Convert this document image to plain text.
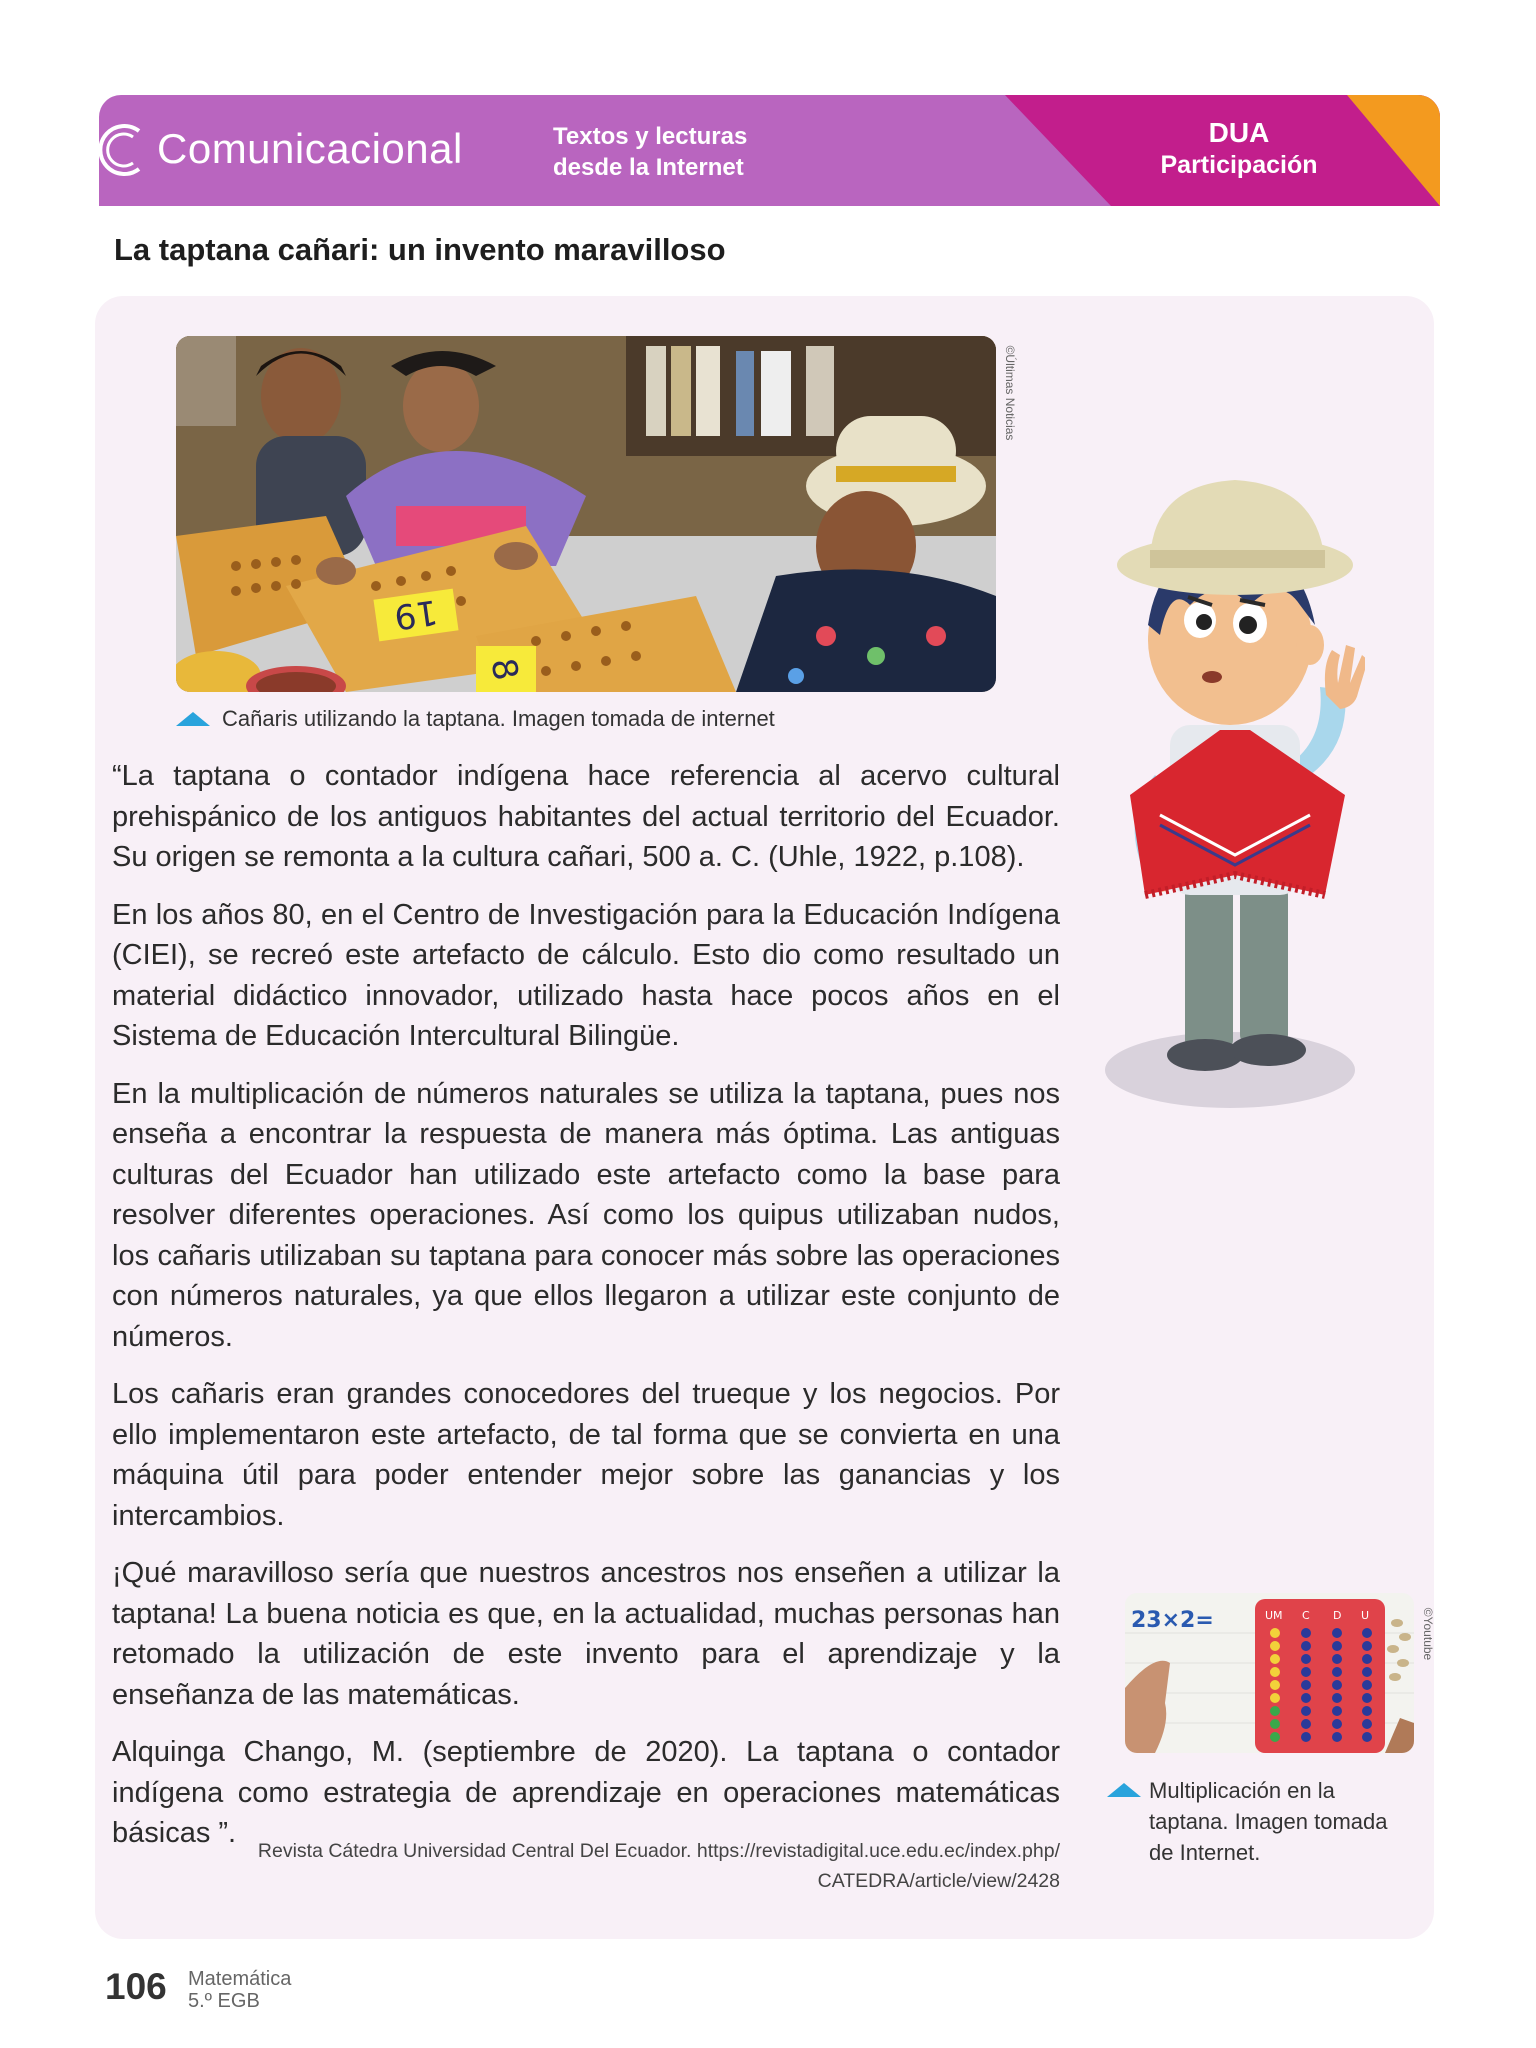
Comunicacional	Textos y lecturas
desde la Internet
DUA
Participación
La taptana cañari: un invento maravilloso
19
8
©Últimas Noticias
Cañaris utilizando la taptana. Imagen tomada de internet

“La taptana o contador indígena hace referencia al acervo cultural prehispánico de los antiguos habitantes del actual territorio del Ecuador. Su origen se remonta a la cultura cañari, 500 a. C. (Uhle, 1922, p.108).

En los años 80, en el Centro de Investigación para la Educación Indígena (CIEI), se recreó este artefacto de cálculo. Esto dio como resultado un material didáctico innovador, utilizado hasta hace pocos años en el Sistema de Educación Intercultural Bilingüe.

En la multiplicación de números naturales se utiliza la taptana, pues nos enseña a encontrar la respuesta de manera más óptima. Las antiguas culturas del Ecuador han utilizado este artefacto como la base para resolver diferentes operaciones. Así como los quipus utilizaban nudos, los cañaris utilizaban su taptana para conocer más sobre las operaciones con números naturales, ya que ellos llegaron a utilizar este conjunto de números.

Los cañaris eran grandes conocedores del trueque y los negocios. Por ello implementaron este artefacto, de tal forma que se convierta en una máquina útil para poder entender mejor sobre las ganancias y los intercambios.

¡Qué maravilloso sería que nuestros ancestros nos enseñen a utilizar la taptana! La buena noticia es que, en la actualidad, muchas personas han retomado la utilización de este invento para el aprendizaje y la enseñanza de las matemáticas.

Alquinga Chango, M. (septiembre de 2020). La taptana o contador indígena como estrategia de aprendizaje en operaciones matemáticas básicas ”.

Revista Cátedra Universidad Central Del Ecuador. https://revistadigital.uce.edu.ec/index.php/
CATEDRA/article/view/2428
23×2=	UM C D U	©Youtube
Multiplicación en la
taptana. Imagen tomada
de Internet.
106 Matemática
5.º EGB
